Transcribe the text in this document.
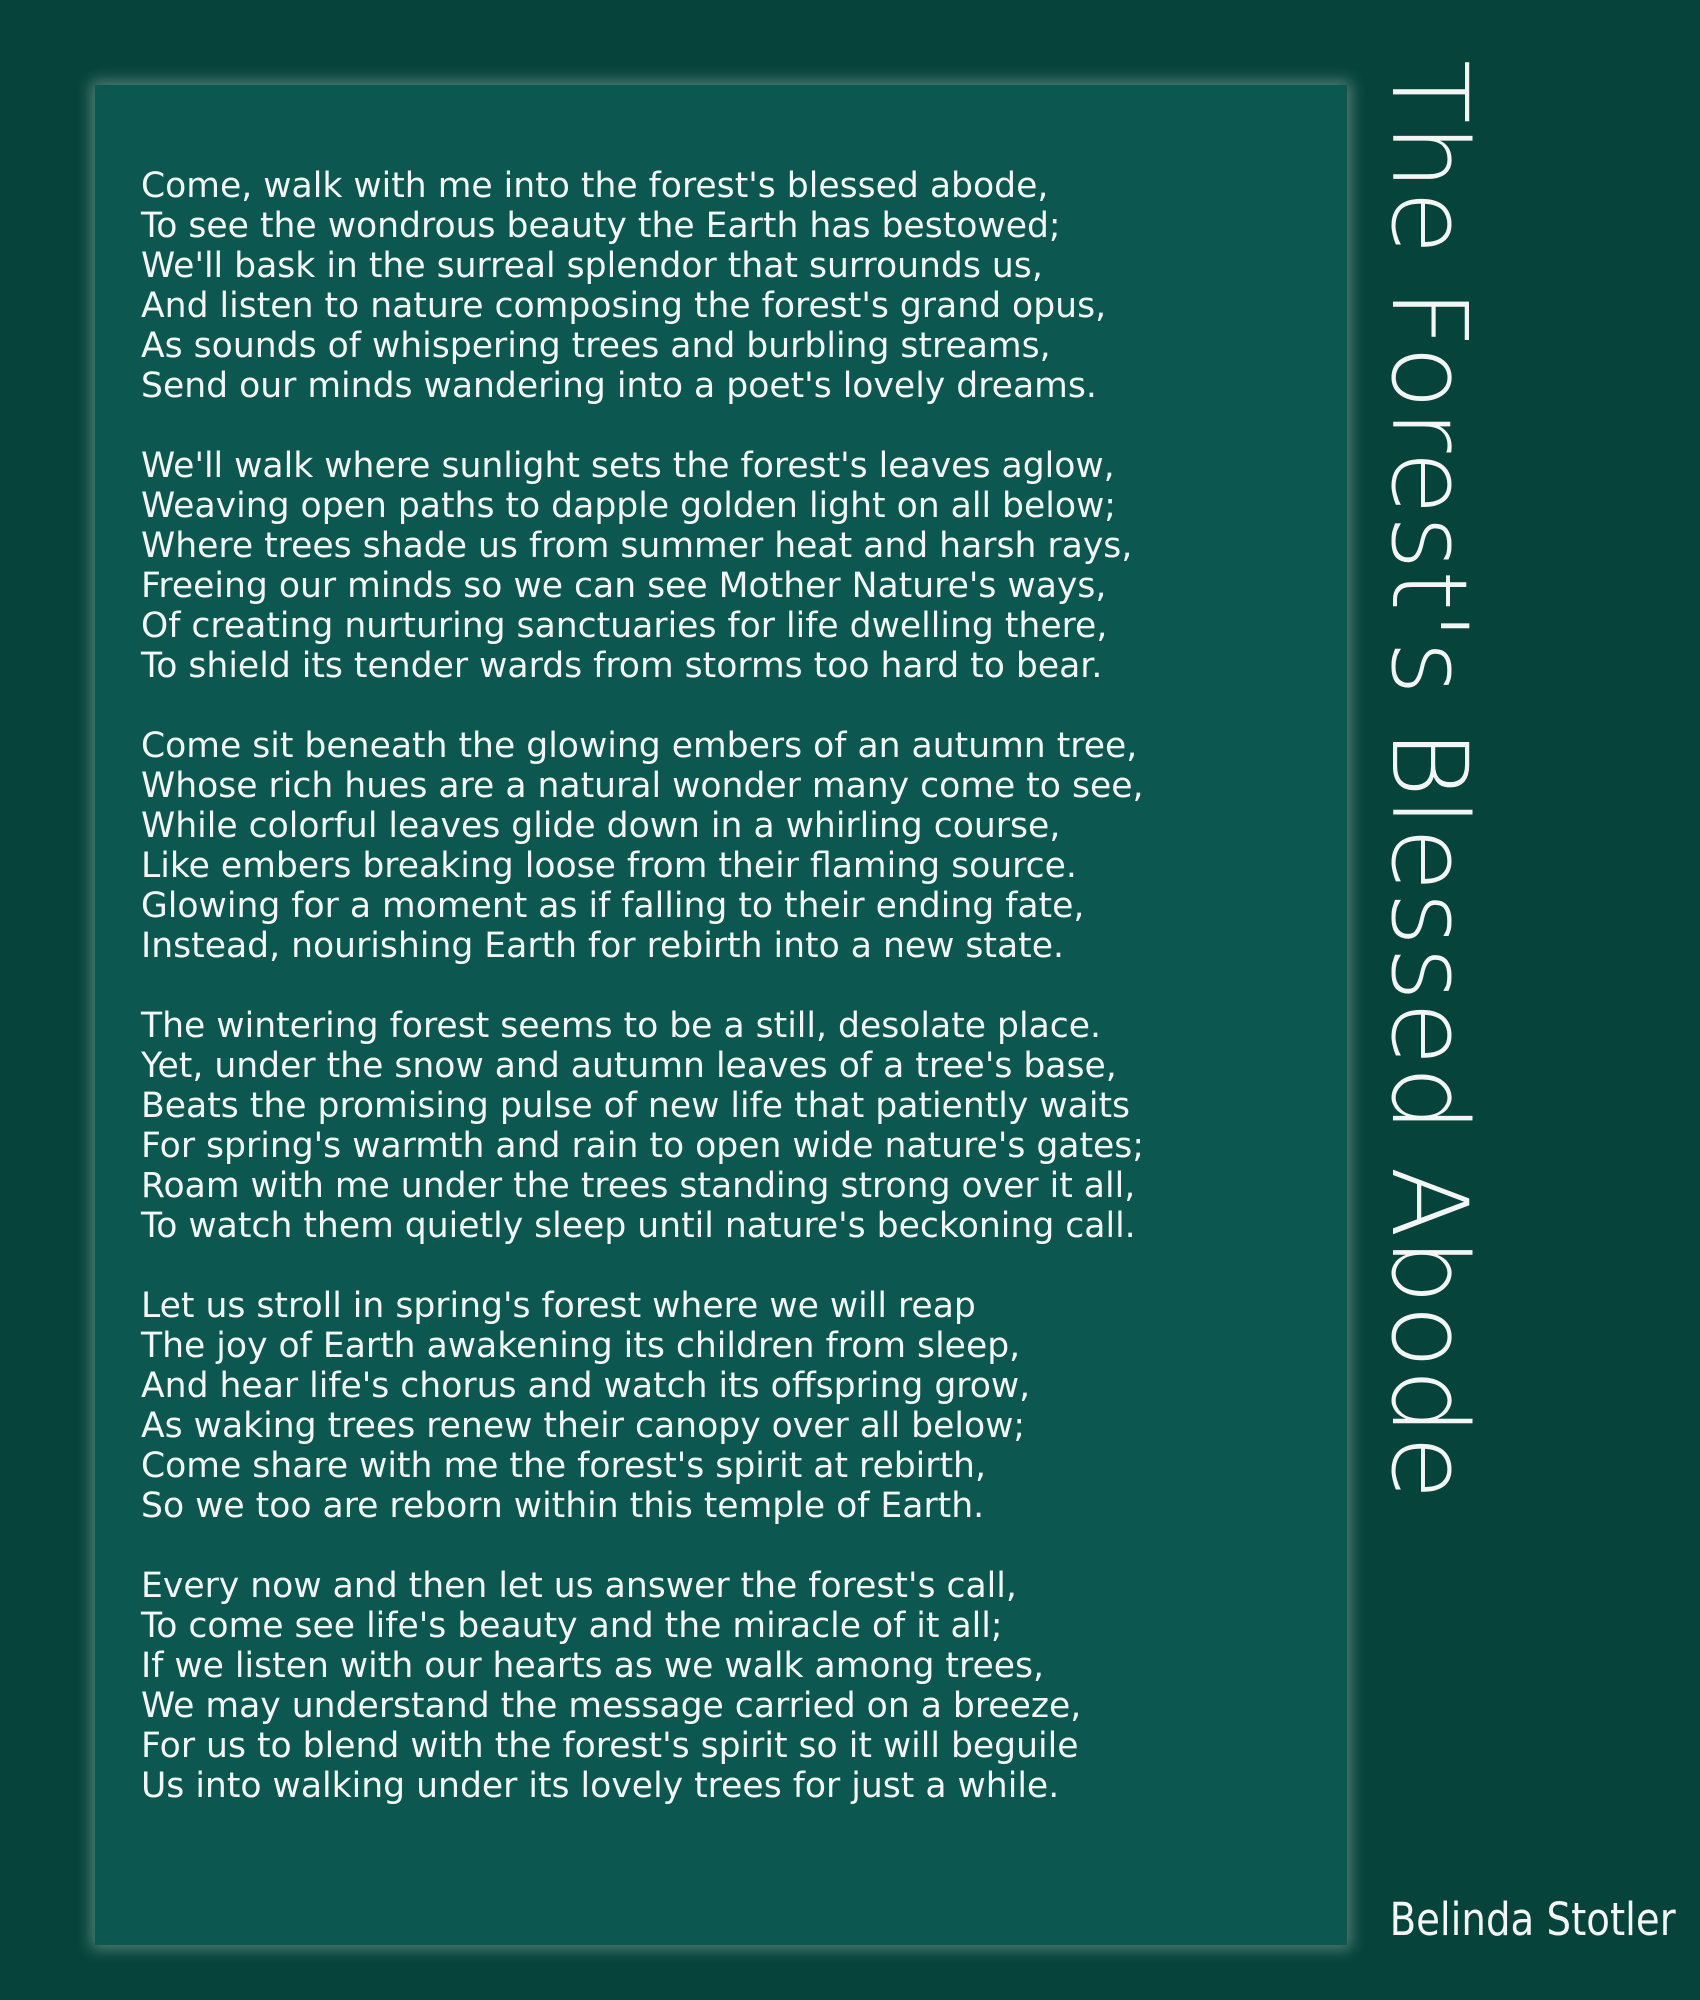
Come, walk with me into the forest's blessed abode,
To see the wondrous beauty the Earth has bestowed;
We'll bask in the surreal splendor that surrounds us,
And listen to nature composing the forest's grand opus,
As sounds of whispering trees and burbling streams,
Send our minds wandering into a poet's lovely dreams.
We'll walk where sunlight sets the forest's leaves aglow,
Weaving open paths to dapple golden light on all below;
Where trees shade us from summer heat and harsh rays,
Freeing our minds so we can see Mother Nature's ways,
Of creating nurturing sanctuaries for life dwelling there,
To shield its tender wards from storms too hard to bear.
Come sit beneath the glowing embers of an autumn tree,
Whose rich hues are a natural wonder many come to see,
While colorful leaves glide down in a whirling course,
Like embers breaking loose from their flaming source.
Glowing for a moment as if falling to their ending fate,
Instead, nourishing Earth for rebirth into a new state.
The wintering forest seems to be a still, desolate place.
Yet, under the snow and autumn leaves of a tree's base,
Beats the promising pulse of new life that patiently waits
For spring's warmth and rain to open wide nature's gates;
Roam with me under the trees standing strong over it all,
To watch them quietly sleep until nature's beckoning call.
Let us stroll in spring's forest where we will reap
The joy of Earth awakening its children from sleep,
And hear life's chorus and watch its offspring grow,
As waking trees renew their canopy over all below;
Come share with me the forest's spirit at rebirth,
So we too are reborn within this temple of Earth.
Every now and then let us answer the forest's call,
To come see life's beauty and the miracle of it all;
If we listen with our hearts as we walk among trees,
We may understand the message carried on a breeze,
For us to blend with the forest's spirit so it will beguile
Us into walking under its lovely trees for just a while.
The Forest's Blessed Abode
Belinda Stotler
